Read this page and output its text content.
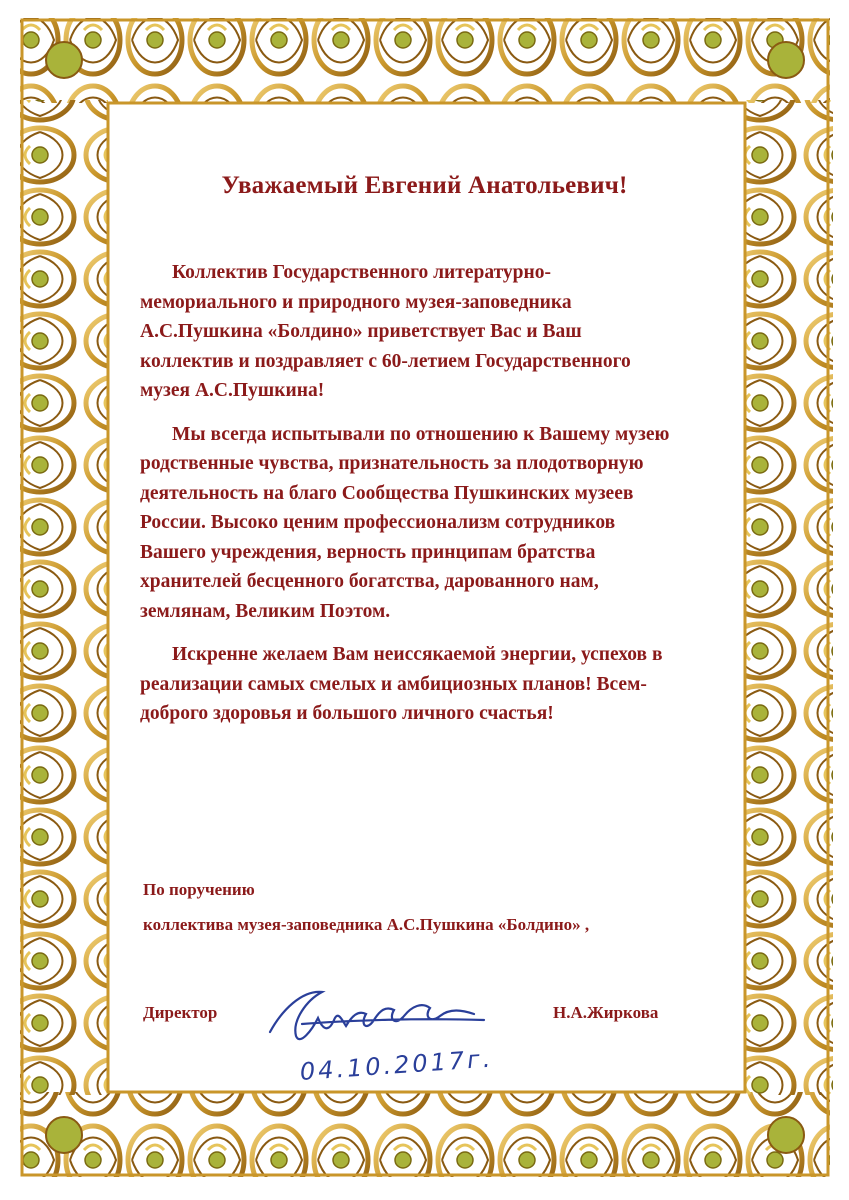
Уважаемый Евгений Анатольевич!
Коллектив Государственного литературно-
мемориального и природного музея-заповедника
А.С.Пушкина «Болдино» приветствует Вас и Ваш
коллектив и поздравляет с 60-летием Государственного
музея А.С.Пушкина!
Мы всегда испытывали по отношению к Вашему музею
родственные чувства, признательность за плодотворную
деятельность на благо Сообщества Пушкинских музеев
России. Высоко ценим профессионализм сотрудников
Вашего учреждения, верность принципам братства
хранителей бесценного богатства, дарованного нам,
землянам, Великим Поэтом.
Искренне желаем Вам неиссякаемой энергии, успехов в
реализации самых смелых и амбициозных планов! Всем-
доброго здоровья и большого личного счастья!
По поручению
коллектива музея-заповедника А.С.Пушкина «Болдино» ,
Директор	Н.А.Жиркова
04.10.2017г.
